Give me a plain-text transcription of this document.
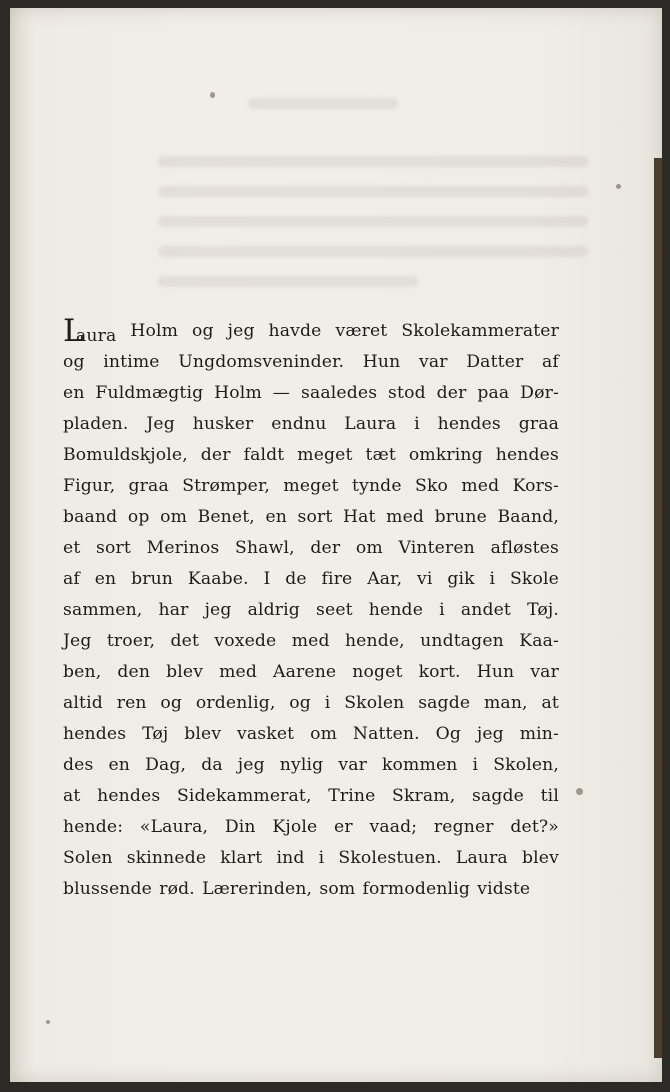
Laura Holm og jeg havde været Skolekammerater
og intime Ungdomsveninder. Hun var Datter af
en Fuldmægtig Holm — saaledes stod der paa Dør-
pladen. Jeg husker endnu Laura i hendes graa
Bomuldskjole, der faldt meget tæt omkring hendes
Figur, graa Strømper, meget tynde Sko med Kors-
baand op om Benet, en sort Hat med brune Baand,
et sort Merinos Shawl, der om Vinteren afløstes
af en brun Kaabe. I de fire Aar, vi gik i Skole
sammen, har jeg aldrig seet hende i andet Tøj.
Jeg troer, det voxede med hende, undtagen Kaa-
ben, den blev med Aarene noget kort. Hun var
altid ren og ordenlig, og i Skolen sagde man, at
hendes Tøj blev vasket om Natten. Og jeg min-
des en Dag, da jeg nylig var kommen i Skolen,
at hendes Sidekammerat, Trine Skram, sagde til
hende: «Laura, Din Kjole er vaad; regner det?»
Solen skinnede klart ind i Skolestuen. Laura blev
blussende rød. Lærerinden, som formodenlig vidste
